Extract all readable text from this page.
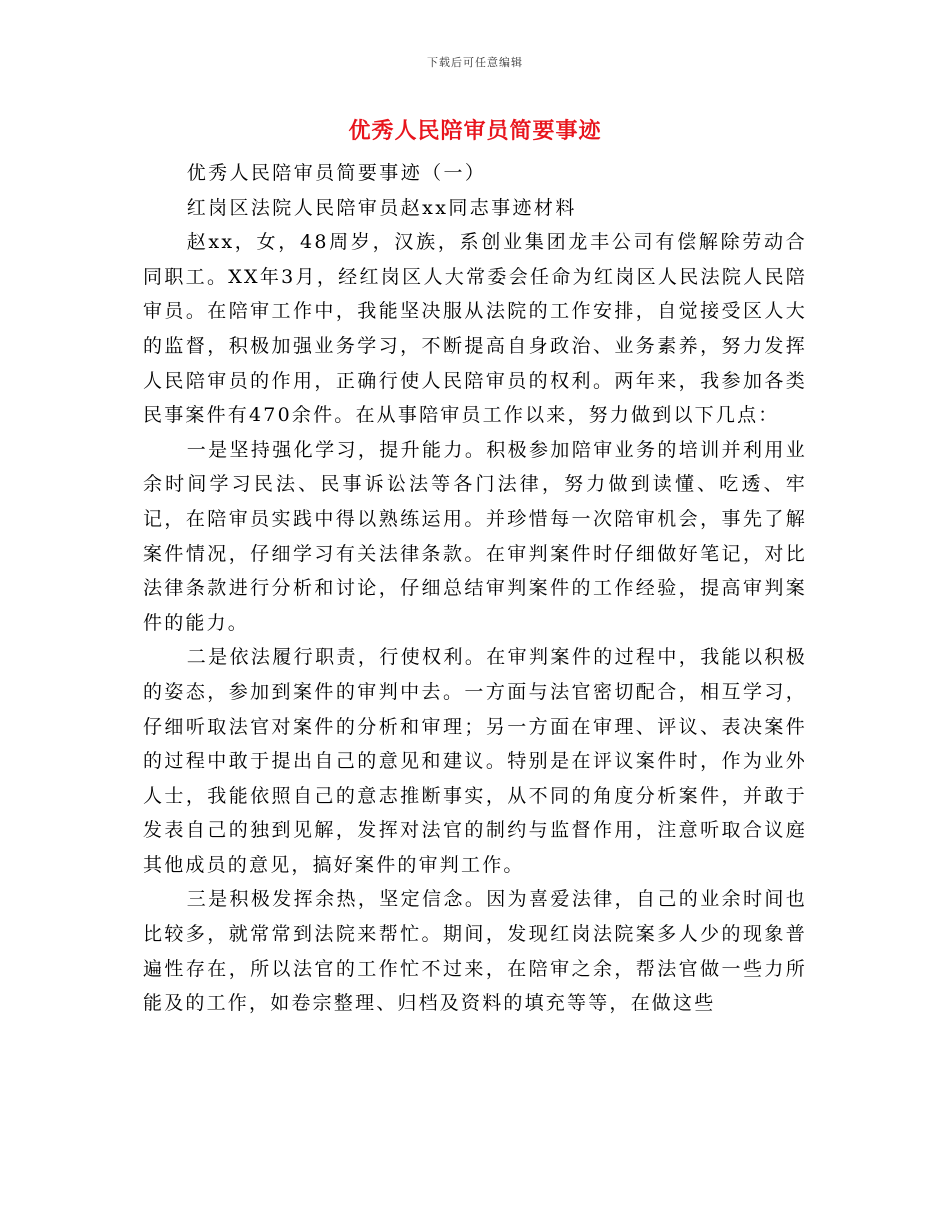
下载后可任意编辑
优秀人民陪审员简要事迹

优秀人民陪审员简要事迹（一）

红岗区法院人民陪审员赵xx同志事迹材料

赵xx，女，48周岁，汉族，系创业集团龙丰公司有偿解除劳动合同职工。XX年3月，经红岗区人大常委会任命为红岗区人民法院人民陪审员。在陪审工作中，我能坚决服从法院的工作安排，自觉接受区人大的监督，积极加强业务学习，不断提高自身政治、业务素养，努力发挥人民陪审员的作用，正确行使人民陪审员的权利。两年来，我参加各类民事案件有470余件。在从事陪审员工作以来，努力做到以下几点：

一是坚持强化学习，提升能力。积极参加陪审业务的培训并利用业余时间学习民法、民事诉讼法等各门法律，努力做到读懂、吃透、牢记，在陪审员实践中得以熟练运用。并珍惜每一次陪审机会，事先了解案件情况，仔细学习有关法律条款。在审判案件时仔细做好笔记，对比法律条款进行分析和讨论，仔细总结审判案件的工作经验，提高审判案件的能力。

二是依法履行职责，行使权利。在审判案件的过程中，我能以积极的姿态，参加到案件的审判中去。一方面与法官密切配合，相互学习，仔细听取法官对案件的分析和审理；另一方面在审理、评议、表决案件的过程中敢于提出自己的意见和建议。特别是在评议案件时，作为业外人士，我能依照自己的意志推断事实，从不同的角度分析案件，并敢于发表自己的独到见解，发挥对法官的制约与监督作用，注意听取合议庭其他成员的意见，搞好案件的审判工作。

三是积极发挥余热，坚定信念。因为喜爱法律，自己的业余时间也比较多，就常常到法院来帮忙。期间，发现红岗法院案多人少的现象普遍性存在，所以法官的工作忙不过来，在陪审之余，帮法官做一些力所能及的工作，如卷宗整理、归档及资料的填充等等，在做这些
